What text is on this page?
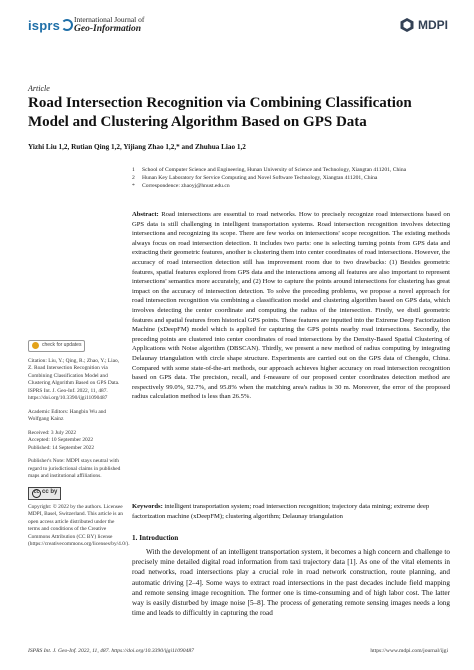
isprs	International Journal of
Geo-Information	MDPI
Article
Road Intersection Recognition via Combining Classification Model and Clustering Algorithm Based on GPS Data
Yizhi Liu 1,2, Rutian Qing 1,2, Yijiang Zhao 1,2,* and Zhuhua Liao 1,2
1	School of Computer Science and Engineering, Hunan University of Science and Technology, Xiangtan 411201, China
2	Hunan Key Laboratory for Service Computing and Novel Software Technology, Xiangtan 411201, China
*	Correspondence: zhaoyj@hnust.edu.cn
Abstract: Road intersections are essential to road networks. How to precisely recognize road intersections based on GPS data is still challenging in intelligent transportation systems. Road intersection recognition involves detecting intersections and recognizing its scope. There are few works on intersections' scope recognition. The existing methods always focus on road intersection detection. It includes two parts: one is selecting turning points from GPS data and extracting their geometric features, another is clustering them into center coordinates of road intersections. However, the accuracy of road intersection detection still has improvement room due to two drawbacks: (1) Besides geometric features, spatial features explored from GPS data and the interactions among all features are also important to represent intersections' semantics more accurately, and (2) How to capture the points around intersections for clustering has great impact on the accuracy of intersection detection. To solve the preceding problems, we propose a novel approach for road intersection recognition via combining a classification model and clustering algorithm based on GPS data, which involves detecting the center coordinate and computing the radius of the intersection. Firstly, we distil geometric features and spatial features from historical GPS points. These features are inputted into the Extreme Deep Factorization Machine (xDeepFM) model which is applied for capturing the GPS points nearby road intersections. Secondly, the preceding points are clustered into center coordinates of road intersections by the Density-Based Spatial Clustering of Applications with Noise algorithm (DBSCAN). Thirdly, we present a new method of radius computing by integrating Delaunay triangulation with circle shape structure. Experiments are carried out on the GPS data of Chengdu, China. Compared with some state-of-the-art methods, our approach achieves higher accuracy on road intersection recognition based on GPS data. The precision, recall, and f-measure of our proposed center coordinates detection method are respectively 99.0%, 92.7%, and 95.8% when the matching area's radius is 30 m. Moreover, the error of the proposed radius calculation method is less than 26.5%.
check for updates
Citation: Liu, Y.; Qing, R.; Zhao, Y.; Liao, Z. Road Intersection Recognition via Combining Classification Model and Clustering Algorithm Based on GPS Data. ISPRS Int. J. Geo-Inf. 2022, 11, 487. https://doi.org/10.3390/ijgi11090487
Academic Editors: Hangbin Wu and Wolfgang Kainz
Received: 3 July 2022
Accepted: 10 September 2022
Published: 14 September 2022
Publisher's Note: MDPI stays neutral with regard to jurisdictional claims in published maps and institutional affiliations.
cc cc by
Copyright: © 2022 by the authors. Licensee MDPI, Basel, Switzerland. This article is an open access article distributed under the terms and conditions of the Creative Commons Attribution (CC BY) license (https://creativecommons.org/licenses/by/4.0/).
Keywords: intelligent transportation system; road intersection recognition; trajectory data mining; extreme deep factorization machine (xDeepFM); clustering algorithm; Delaunay triangulation
1. Introduction
With the development of an intelligent transportation system, it becomes a high concern and challenge to precisely mine detailed digital road information from taxi trajectory data [1]. As one of the vital elements in road networks, road intersections play a crucial role in road network construction, route planning, and automatic driving [2–4]. Some ways to extract road intersections in the past decades include field mapping and remote sensing image recognition. The former one is time-consuming and of high labor cost. The latter way is easily disturbed by image noise [5–8]. The process of generating remote sensing images needs a long time and leads to difficultly in capturing the road
ISPRS Int. J. Geo-Inf. 2022, 11, 487. https://doi.org/10.3390/ijgi11090487	https://www.mdpi.com/journal/ijgi
